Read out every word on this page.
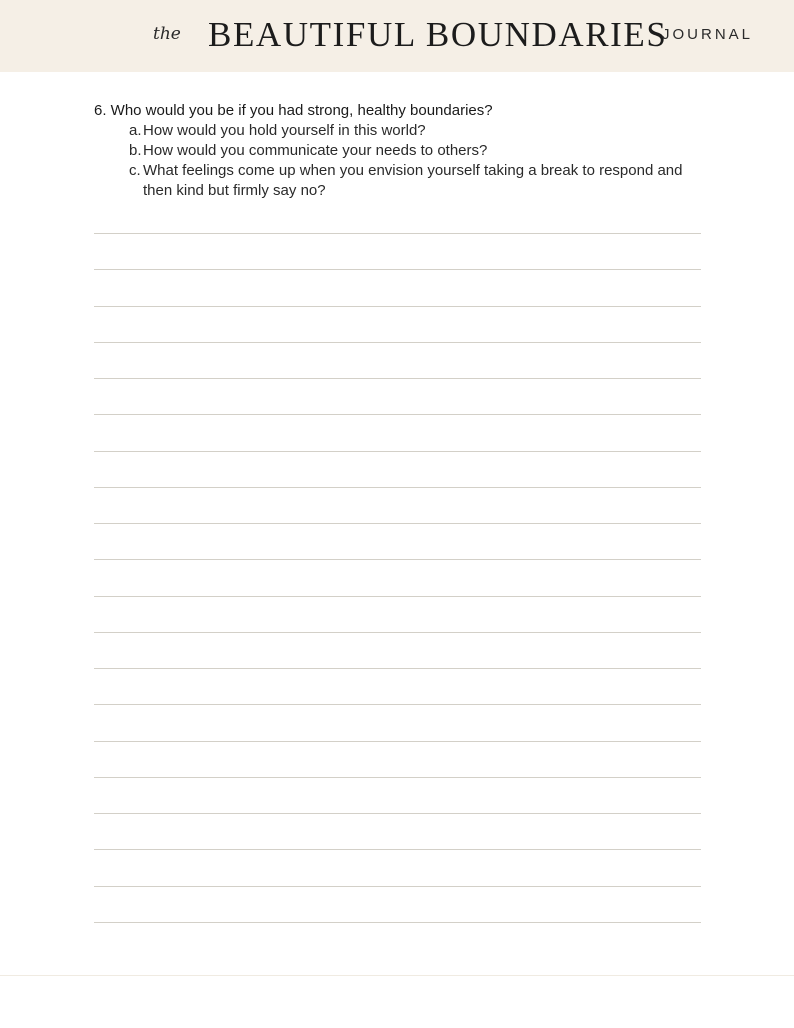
the BEAUTIFUL BOUNDARIES
JOURNAL
6. Who would you be if you had strong, healthy boundaries?
a. How would you hold yourself in this world?
b. How would you communicate your needs to others?
c. What feelings come up when you envision yourself taking a break to respond and then kind but firmly say no?
